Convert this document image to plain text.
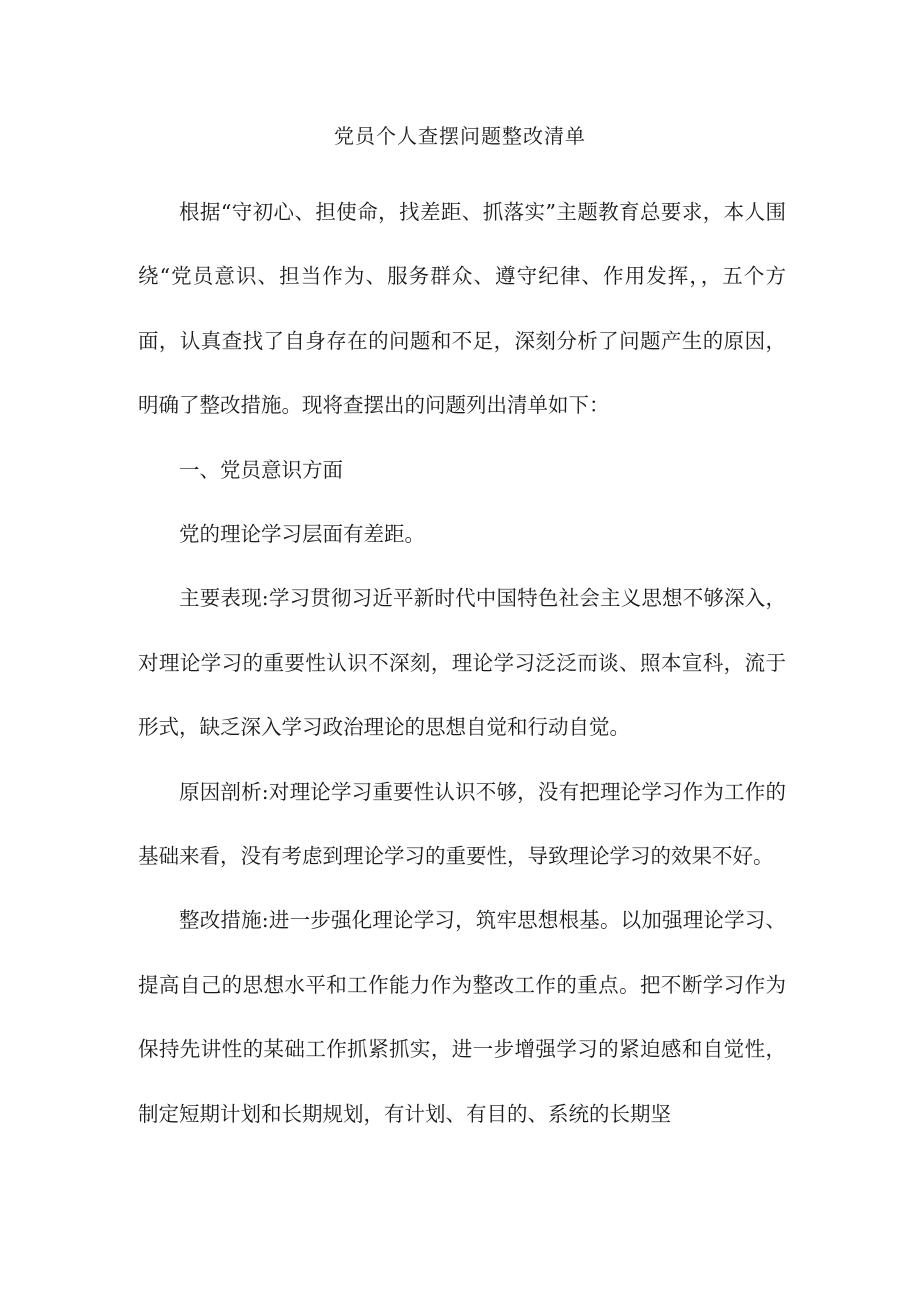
党员个人查摆问题整改清单

根据“守初心、担使命，找差距、抓落实”主题教育总要求，本人围绕“党员意识、担当作为、服务群众、遵守纪律、作用发挥，，五个方面，认真查找了自身存在的问题和不足，深刻分析了问题产生的原因，明确了整改措施。现将查摆出的问题列出清单如下：

一、党员意识方面

党的理论学习层面有差距。

主要表现:学习贯彻习近平新时代中国特色社会主义思想不够深入，对理论学习的重要性认识不深刻，理论学习泛泛而谈、照本宣科，流于形式，缺乏深入学习政治理论的思想自觉和行动自觉。

原因剖析:对理论学习重要性认识不够，没有把理论学习作为工作的基础来看，没有考虑到理论学习的重要性，导致理论学习的效果不好。

整改措施:进一步强化理论学习，筑牢思想根基。以加强理论学习、提高自己的思想水平和工作能力作为整改工作的重点。把不断学习作为保持先讲性的某础工作抓紧抓实，进一步增强学习的紧迫感和自觉性，制定短期计划和长期规划，有计划、有目的、系统的长期坚
